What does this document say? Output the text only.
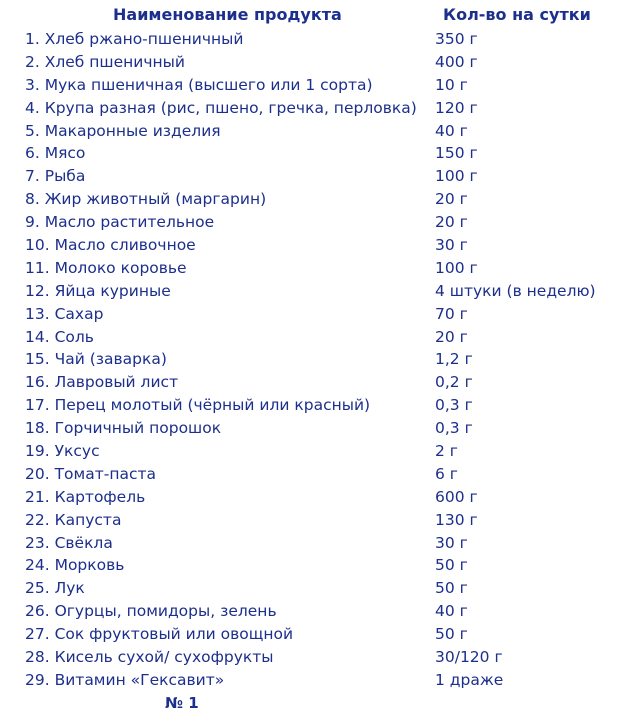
Наименование продукта	Кол-во на сутки
1. Хлеб ржано-пшеничный	350 г
2. Хлеб пшеничный	400 г
3. Мука пшеничная (высшего или 1 сорта)	10 г
4. Крупа разная (рис, пшено, гречка, перловка) 120 г
5. Макаронные изделия	40 г
6. Мясо	150 г
7. Рыба	100 г
8. Жир животный (маргарин)	20 г
9. Масло растительное	20 г
10. Масло сливочное	30 г
11. Молоко коровье	100 г
12. Яйца куриные	4 штуки (в неделю)
13. Сахар	70 г
14. Соль	20 г
15. Чай (заварка)	1,2 г
16. Лавровый лист	0,2 г
17. Перец молотый (чёрный или красный)	0,3 г
18. Горчичный порошок	0,3 г
19. Уксус	2 г
20. Томат-паста	6 г
21. Картофель	600 г
22. Капуста	130 г
23. Свёкла	30 г
24. Морковь	50 г
25. Лук	50 г
26. Огурцы, помидоры, зелень	40 г
27. Сок фруктовый или овощной	50 г
28. Кисель сухой/ сухофрукты	30/120 г
29. Витамин «Гексавит»	1 драже
№ 1
